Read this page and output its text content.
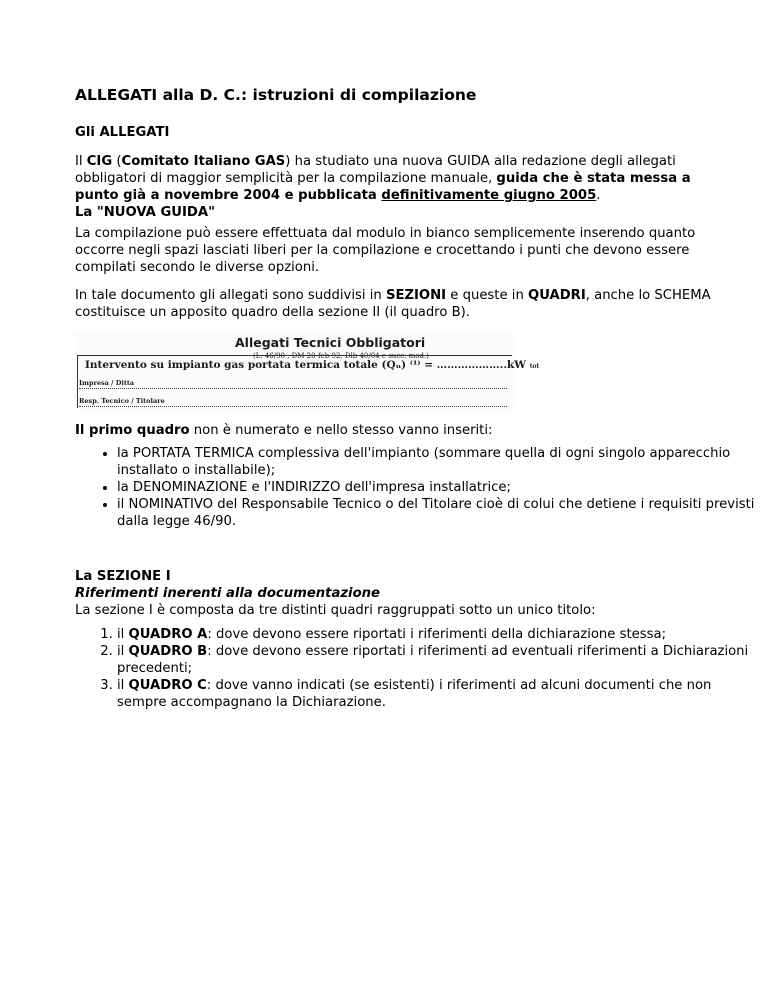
ALLEGATI alla D. C.: istruzioni di compilazione

Gli ALLEGATI

Il CIG (Comitato Italiano GAS) ha studiato una nuova GUIDA alla redazione degli allegati obbligatori di maggior semplicità per la compilazione manuale, guida che è stata messa a punto già a novembre 2004 e pubblicata definitivamente giugno 2005.
La "NUOVA GUIDA"

La compilazione può essere effettuata dal modulo in bianco semplicemente inserendo quanto occorre negli spazi lasciati liberi per la compilazione e crocettando i punti che devono essere compilati secondo le diverse opzioni.

In tale documento gli allegati sono suddivisi in SEZIONI e queste in QUADRI, anche lo SCHEMA costituisce un apposito quadro della sezione II (il quadro B).

Allegati Tecnici Obbligatori
(L. 46/90 , DM 20-feb-92, Dlb 40/04 e succ. mod.)
Intervento su impianto gas portata termica totale (Qₙ) ⁽¹⁾ = ………………..kW tot
Impresa / Ditta
Resp. Tecnico / Titolare

Il primo quadro non è numerato e nello stesso vanno inseriti:

• la PORTATA TERMICA complessiva dell'impianto (sommare quella di ogni singolo apparecchio installato o installabile);
• la DENOMINAZIONE e l'INDIRIZZO dell'impresa installatrice;
• il NOMINATIVO del Responsabile Tecnico o del Titolare cioè di colui che detiene i requisiti previsti dalla legge 46/90.

La SEZIONE I

Riferimenti inerenti alla documentazione

La sezione I è composta da tre distinti quadri raggruppati sotto un unico titolo:

1. il QUADRO A: dove devono essere riportati i riferimenti della dichiarazione stessa;
2. il QUADRO B: dove devono essere riportati i riferimenti ad eventuali riferimenti a Dichiarazioni precedenti;
3. il QUADRO C: dove vanno indicati (se esistenti) i riferimenti ad alcuni documenti che non sempre accompagnano la Dichiarazione.
